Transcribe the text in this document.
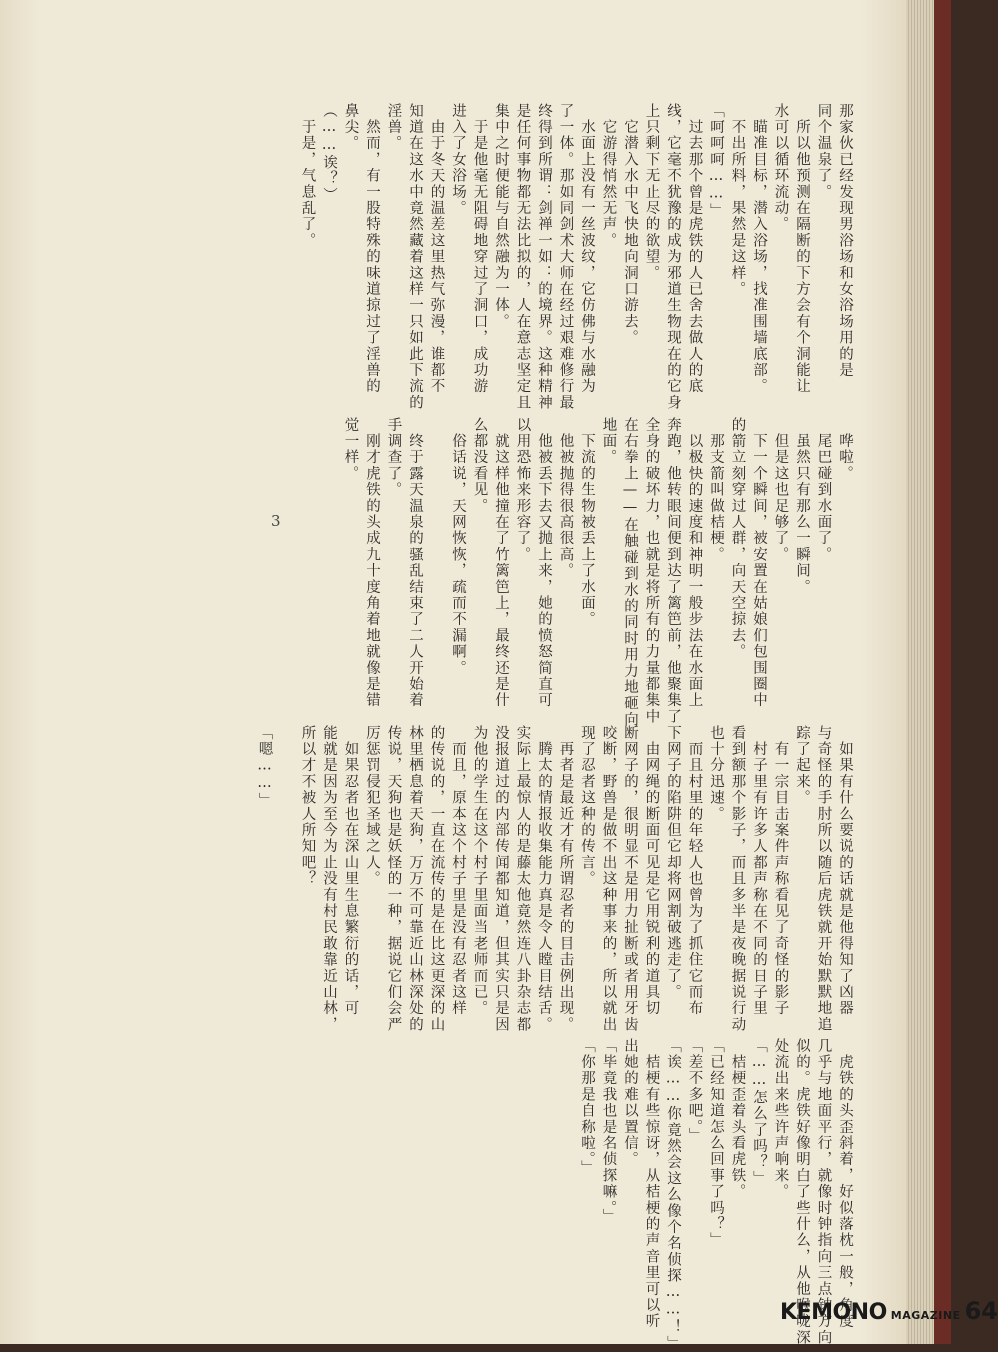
那家伙已经发现男浴场和女浴场用的是
同个温泉了。
　所以他预测在隔断的下方会有个洞能让
水可以循环流动。
　瞄准目标，潜入浴场，找准围墙底部。
　不出所料，果然是这样。
「呵呵呵……」
　过去那个曾是虎铁的人已舍去做人的底
线，它毫不犹豫的成为邪道生物现在的它身
上只剩下无止尽的欲望。
　它潜入水中飞快地向洞口游去。
　它游得悄然无声。
　水面上没有一丝波纹，它仿佛与水融为
了一体。那如同剑术大师在经过艰难修行最
终得到所谓：剑禅一如：的境界。这种精神
是任何事物都无法比拟的，人在意志坚定且
集中之时便能与自然融为一体。
　于是他毫无阻碍地穿过了洞口，成功游
进入了女浴场。
　由于冬天的温差这里热气弥漫，谁都不
知道在这水中竟然藏着这样一只如此下流的
淫兽。
　然而，有一股特殊的味道掠过了淫兽的
鼻尖。
（……诶？）
　于是，气息乱了。
　哗啦。
　尾巴碰到水面了。
　虽然只有那么一瞬间。
　但是这也足够了。
　下一个瞬间，被安置在姑娘们包围圈中
的箭立刻穿过人群，向天空掠去。
　那支箭叫做桔梗。
　以极快的速度和神明一般步法在水面上
奔跑，他转眼间便到达了篱笆前，他聚集了
全身的破坏力，也就是将所有的力量都集中
在右拳上——在触碰到水的同时用力地砸向
地面。
　下流的生物被丢上了水面。
　他被抛得很高很高。
　他被丢下去又抛上来，她的愤怒简直可
以用恐怖来形容了。
　就这样他撞在了竹篱笆上，最终还是什
么都没看见。
　俗话说，天网恢恢，疏而不漏啊。
　终于露天温泉的骚乱结束了二人开始着
手调查了。
　刚才虎铁的头成九十度角着地就像是错
觉一样。
　如果有什么要说的话就是他得知了凶器
与奇怪的手肘所以随后虎铁就开始默默地追
踪了起来。
　有一宗目击案件声称看见了奇怪的影子
　村子里有许多人都声称在不同的日子里
看到额那个影子，而且多半是夜晚据说行动
也十分迅速。
　而且村里的年轻人也曾为了抓住它而布
下网子的陷阱但它却将网割破逃走了。
　由网绳的断面可见是它用锐利的道具切
断网子的，很明显不是用力扯断或者用牙齿
咬断，野兽是做不出这种事来的，所以就出
现了忍者这种的传言。
　再者是最近才有所谓忍者的目击例出现。
　腾太的情报收集能力真是令人瞠目结舌。
实际上最惊人的是藤太他竟然连八卦杂志都
没报道过的内部传闻都知道，但其实只是因
为他的学生在这个村子里面当老师而已。
　而且，原本这个村子里是没有忍者这样
的传说的，一直在流传的是在比这更深的山
林里栖息着天狗，万万不可靠近山林深处的
传说，天狗也是妖怪的一种，据说它们会严
厉惩罚侵犯圣域之人。
　如果忍者也在深山里生息繁衍的话，可
能就是因为至今为止没有村民敢靠近山林，
所以才不被人所知吧？
「嗯……」
　虎铁的头歪斜着，好似落枕一般，角度
几乎与地面平行，就像时钟指向三点钟方向
似的。虎铁好像明白了些什么，从他喉咙深
处流出来些许声响来。
「……怎么了吗？」
　桔梗歪着头看虎铁。
「已经知道怎么回事了吗？」
「差不多吧。」
「诶……你竟然会这么像个名侦探……！」
　桔梗有些惊讶，从桔梗的声音里可以听
出她的难以置信。
「毕竟我也是名侦探嘛。」
「你那是自称啦。」
3
KEMONO MAGAZINE 64
